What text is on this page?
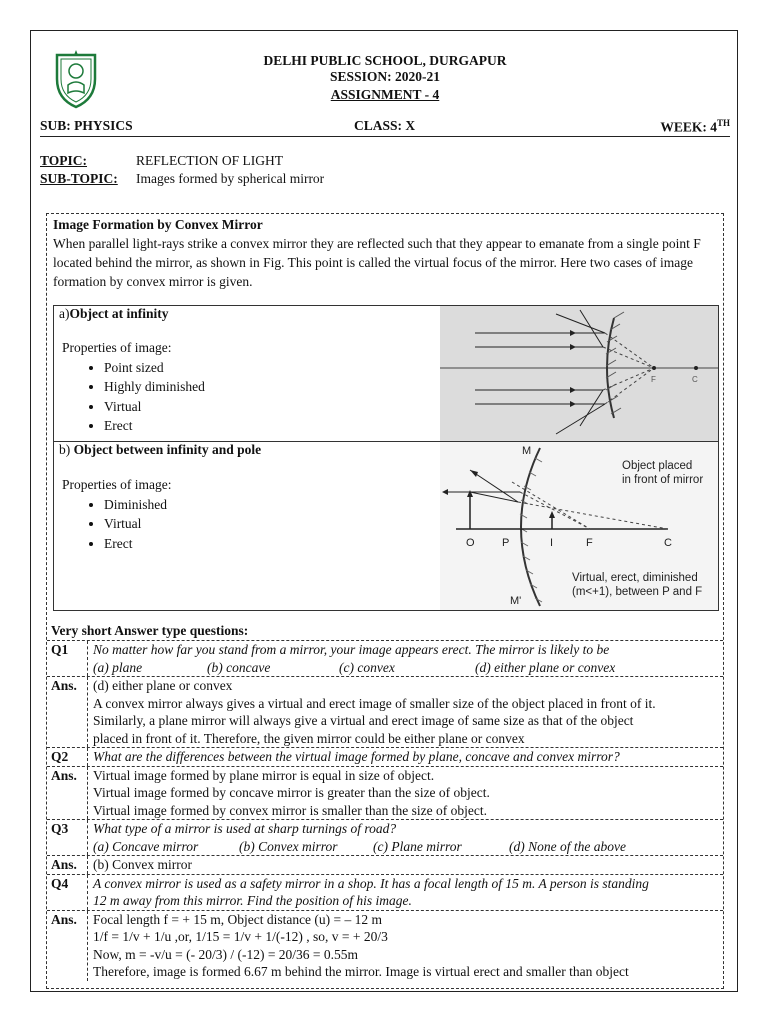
DELHI PUBLIC SCHOOL, DURGAPUR
SESSION: 2020-21
ASSIGNMENT - 4
SUB: PHYSICS	CLASS: X	WEEK: 4TH
TOPIC:	REFLECTION OF LIGHT
SUB-TOPIC: Images formed by spherical mirror
Image Formation by Convex Mirror
When parallel light-rays strike a convex mirror they are reflected such that they appear to emanate from a single point F located behind the mirror, as shown in Fig. This point is called the virtual focus of the mirror. Here two cases of image formation by convex mirror is given.
a)Object at infinity
Properties of image:
• Point sized
• Highly diminished
• Virtual
• Erect
F	C
b) Object between infinity and pole
Properties of image:
• Diminished
• Virtual
• Erect
M
M'
O P	I	F	C
Object placed
in front of mirror
Virtual, erect, diminished
(m<+1), between P and F
Very short Answer type questions:
Q1	No matter how far you stand from a mirror, your image appears erect. The mirror is likely to be
(a) plane	(b) concave	(c) convex	(d) either plane or convex
Ans.	(d) either plane or convex
A convex mirror always gives a virtual and erect image of smaller size of the object placed in front of it.
Similarly, a plane mirror will always give a virtual and erect image of same size as that of the object
placed in front of it. Therefore, the given mirror could be either plane or convex
Q2	What are the differences between the virtual image formed by plane, concave and convex mirror?
Ans.	Virtual image formed by plane mirror is equal in size of object.
Virtual image formed by concave mirror is greater than the size of object.
Virtual image formed by convex mirror is smaller than the size of object.
Q3	What type of a mirror is used at sharp turnings of road?
(a) Concave mirror	(b) Convex mirror	(c) Plane mirror	(d) None of the above
Ans.	(b) Convex mirror
Q4	A convex mirror is used as a safety mirror in a shop. It has a focal length of 15 m. A person is standing
12 m away from this mirror. Find the position of his image.
Ans.	Focal length f = + 15 m, Object distance (u) = – 12 m
1/f = 1/v + 1/u ,or, 1/15 = 1/v + 1/(-12) , so, v = + 20/3
Now, m = -v/u = (- 20/3) / (-12) = 20/36 = 0.55m
Therefore, image is formed 6.67 m behind the mirror. Image is virtual erect and smaller than object
